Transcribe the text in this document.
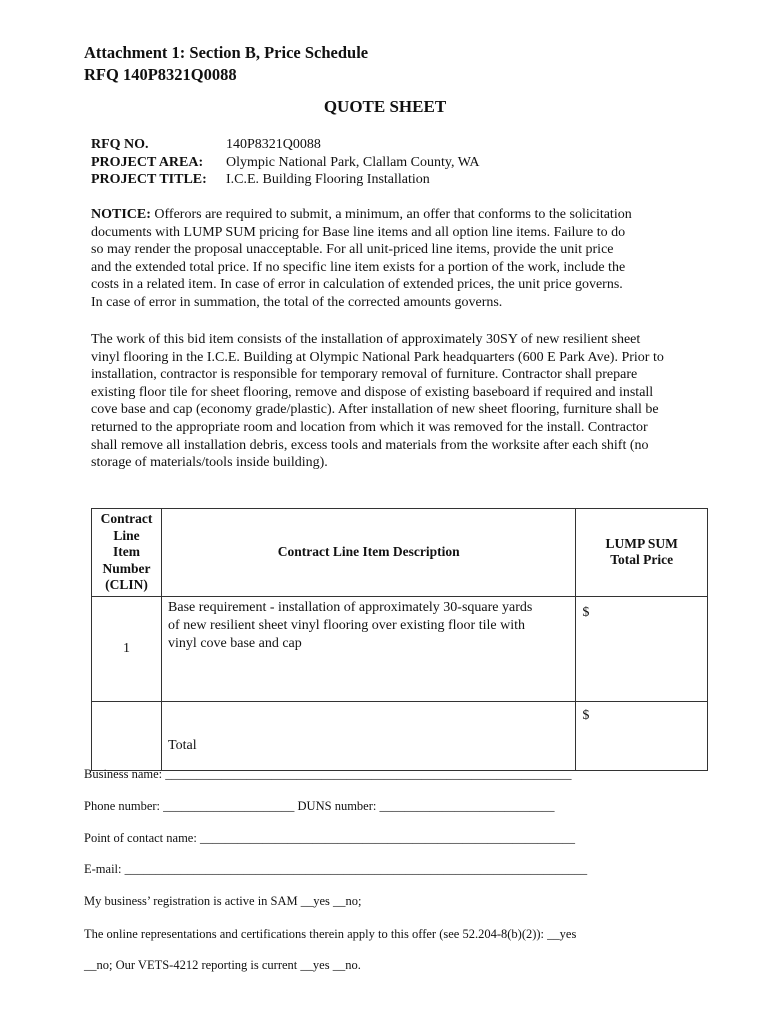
Attachment 1: Section B, Price Schedule
RFQ 140P8321Q0088
QUOTE SHEET
RFQ NO.	140P8321Q0088
PROJECT AREA:	Olympic National Park, Clallam County, WA
PROJECT TITLE:	I.C.E. Building Flooring Installation
NOTICE: Offerors are required to submit, a minimum, an offer that conforms to the solicitation
documents with LUMP SUM pricing for Base line items and all option line items. Failure to do
so may render the proposal unacceptable. For all unit-priced line items, provide the unit price
and the extended total price. If no specific line item exists for a portion of the work, include the
costs in a related item. In case of error in calculation of extended prices, the unit price governs.
In case of error in summation, the total of the corrected amounts governs.
The work of this bid item consists of the installation of approximately 30SY of new resilient sheet
vinyl flooring in the I.C.E. Building at Olympic National Park headquarters (600 E Park Ave). Prior to
installation, contractor is responsible for temporary removal of furniture. Contractor shall prepare
existing floor tile for sheet flooring, remove and dispose of existing baseboard if required and install
cove base and cap (economy grade/plastic). After installation of new sheet flooring, furniture shall be
returned to the appropriate room and location from which it was removed for the install. Contractor
shall remove all installation debris, excess tools and materials from the worksite after each shift (no
storage of materials/tools inside building).
Contract
Line
Item
Number
(CLIN)	Contract Line Item Description	LUMP SUM
Total Price
1	Base requirement - installation of approximately 30-square yards
of new resilient sheet vinyl flooring over existing floor tile with
vinyl cove base and cap	$
	Total	$
Business name: _________________________________________________________________
Phone number: _____________________ DUNS number: ____________________________
Point of contact name: ____________________________________________________________
E-mail: __________________________________________________________________________
My business’ registration is active in SAM __yes __no;
The online representations and certifications therein apply to this offer (see 52.204-8(b)(2)): __yes
__no; Our VETS-4212 reporting is current __yes __no.
